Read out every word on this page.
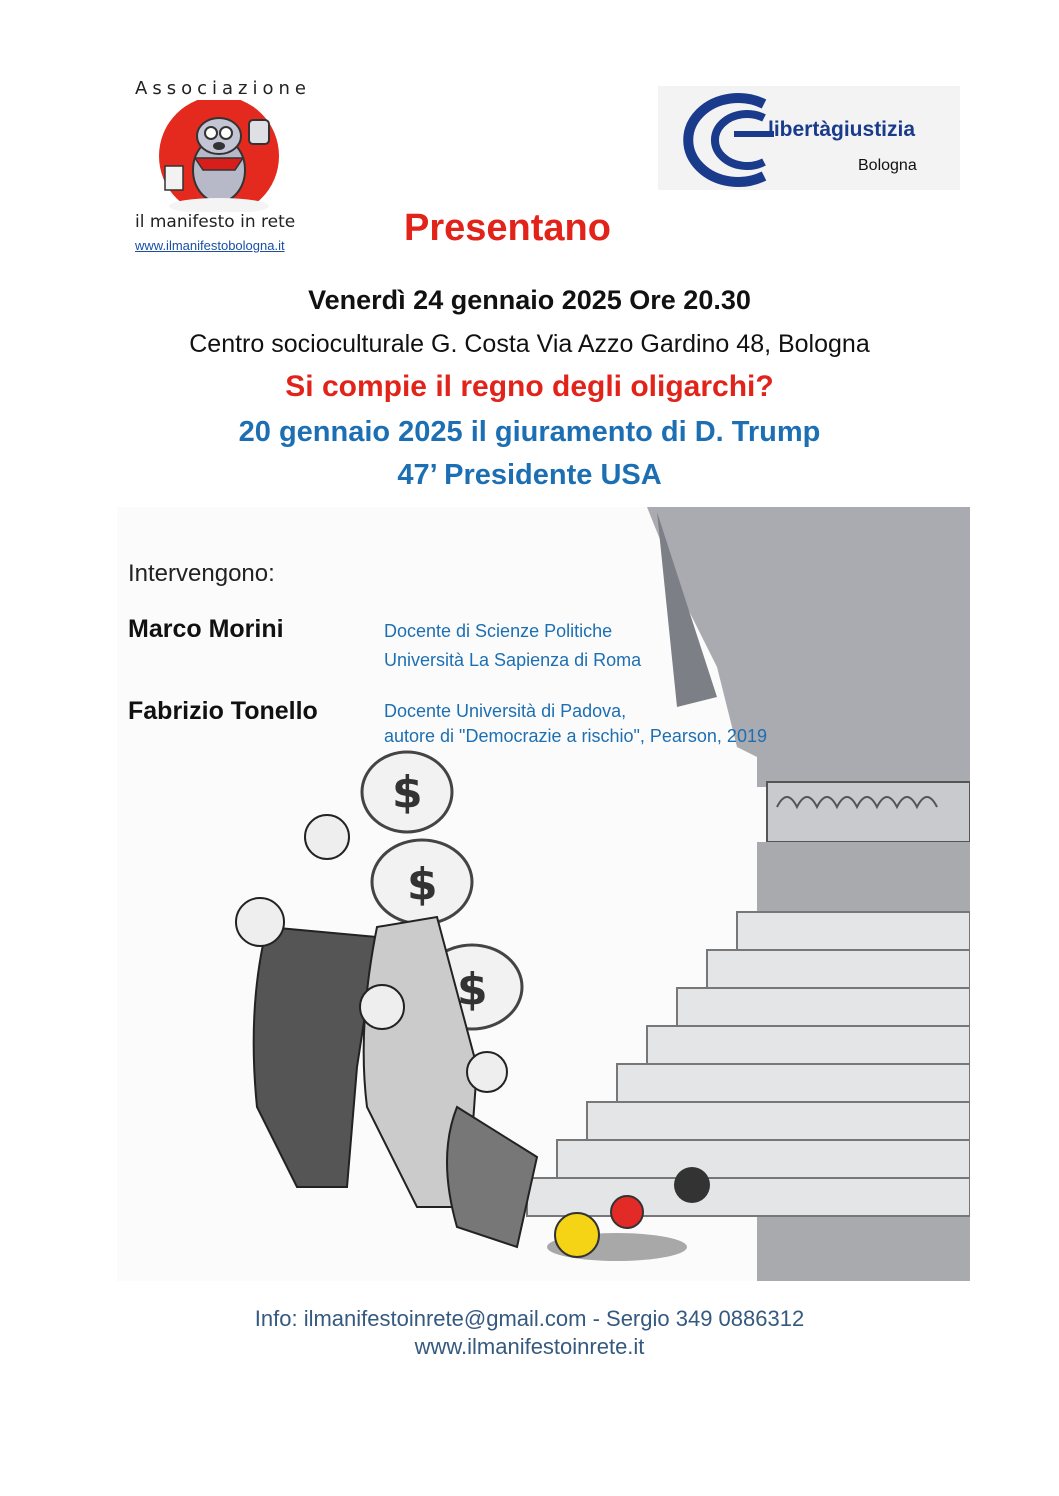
Associazione
il manifesto in rete
www.ilmanifestobologna.it
libertàgiustizia
Bologna
Presentano
Venerdì 24 gennaio 2025 Ore 20.30
Centro socioculturale G. Costa Via Azzo Gardino 48, Bologna
Si compie il regno degli oligarchi?
20 gennaio 2025 il giuramento di D. Trump
47’ Presidente USA
$
$
$
Intervengono:
Marco Morini	Docente di Scienze Politiche
Università La Sapienza di Roma
Fabrizio Tonello	Docente Università di Padova,
autore di "Democrazie a rischio", Pearson, 2019
Info: ilmanifestoinrete@gmail.com - Sergio 349 0886312
www.ilmanifestoinrete.it
